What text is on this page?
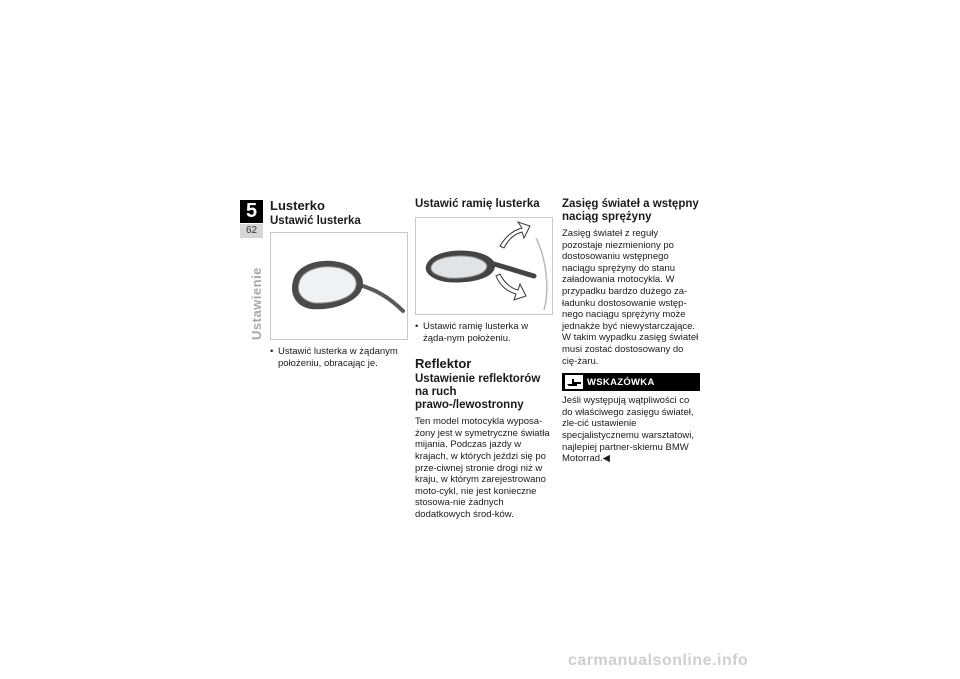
5
62
Ustawienie
Lusterko
Ustawić lusterka
• Ustawić lusterka w żądanym położeniu, obracając je.
Ustawić ramię lusterka
• Ustawić ramię lusterka w żąda-nym położeniu.
Reflektor
Ustawienie reflektorów na ruch prawo-/lewostronny

Ten model motocykla wyposa-żony jest w symetryczne światła mijania. Podczas jazdy w krajach, w których jeździ się po prze-ciwnej stronie drogi niż w kraju, w którym zarejestrowano moto-cykl, nie jest konieczne stosowa-nie żadnych dodatkowych środ-ków.

Zasięg świateł a wstępny naciąg sprężyny

Zasięg świateł z reguły pozostaje niezmieniony po dostosowaniu wstępnego naciągu sprężyny do stanu załadowania motocykla. W przypadku bardzo dużego za-ładunku dostosowanie wstęp-nego naciągu sprężyny może jednakże być niewystarczające. W takim wypadku zasięg świateł musi zostać dostosowany do cię-żaru.

WSKAZÓWKA

Jeśli występują wątpliwości co do właściwego zasięgu świateł, zle-cić ustawienie specjalistycznemu warsztatowi, najlepiej partner-skiemu BMW Motorrad.◀

carmanualsonline.info
